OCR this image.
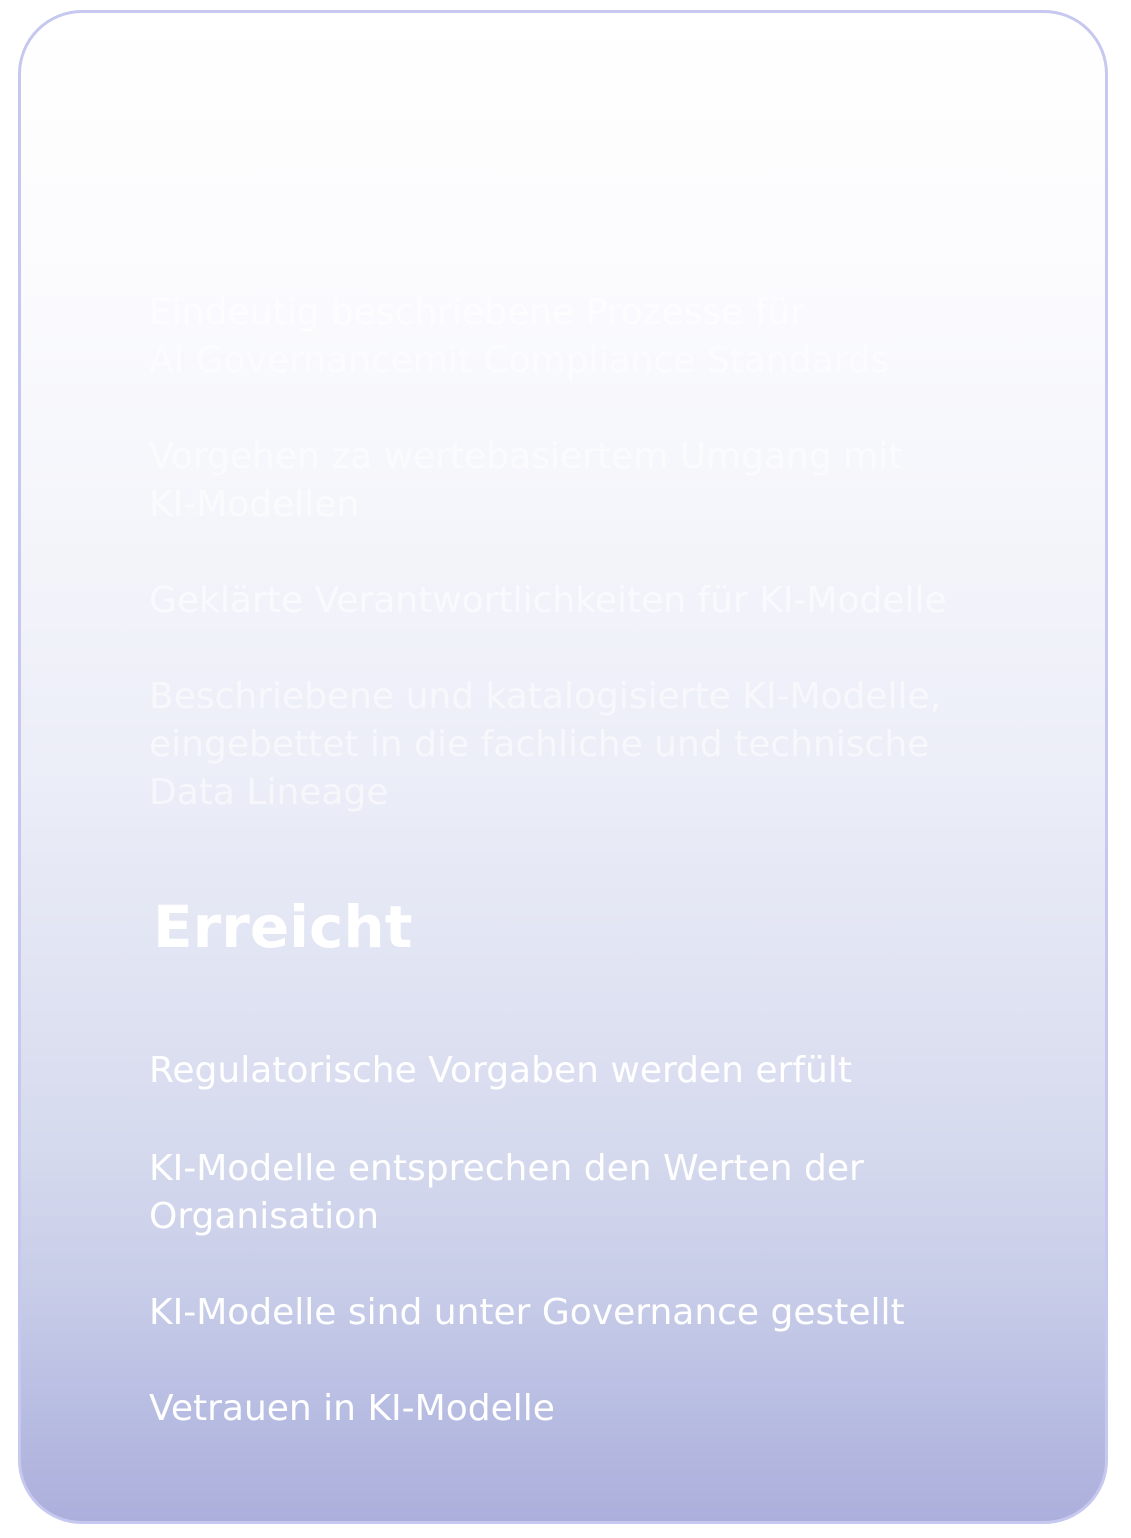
Eindeutig beschriebene Prozesse für
AI Governancemit Compliance Standards

Vorgehen za wertebasiertem Umgang mit
KI-Modellen

Geklärte Verantwortlichkeiten für KI-Modelle

Beschriebene und katalogisierte KI-Modelle,
eingebettet in die fachliche und technische
Data Lineage

Erreicht

Regulatorische Vorgaben werden erfült

KI-Modelle entsprechen den Werten der
Organisation

KI-Modelle sind unter Governance gestellt

Vetrauen in KI-Modelle
